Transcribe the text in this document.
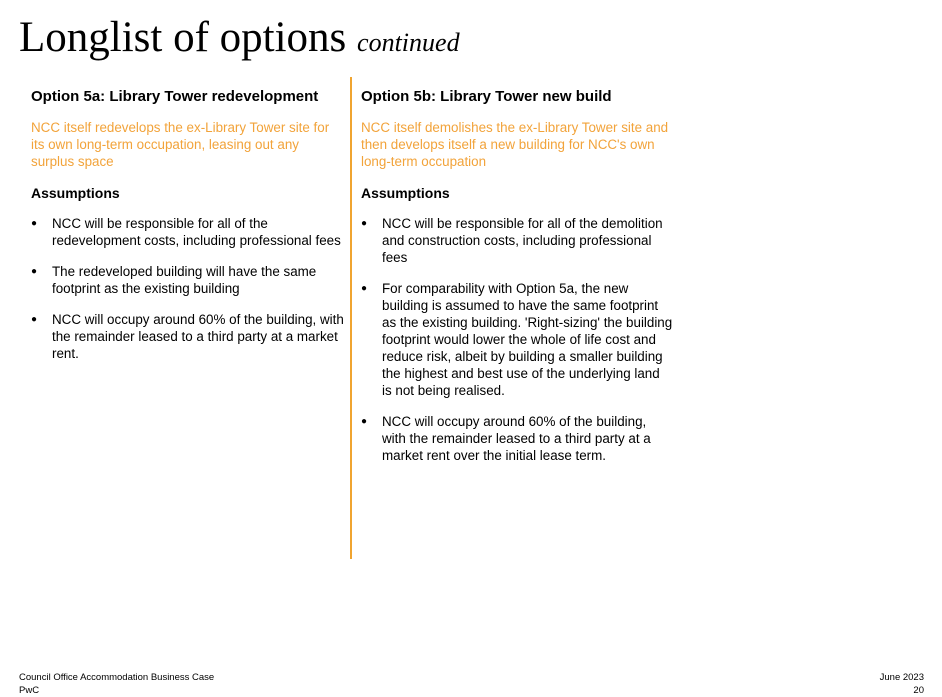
Longlist of options continued
Option 5a: Library Tower redevelopment

NCC itself redevelops the ex-Library Tower site for its own long-term occupation, leasing out any surplus space

Assumptions
● NCC will be responsible for all of the redevelopment costs, including professional fees
● The redeveloped building will have the same footprint as the existing building
● NCC will occupy around 60% of the building, with the remainder leased to a third party at a market rent.
Option 5b: Library Tower new build

NCC itself demolishes the ex-Library Tower site and then develops itself a new building for NCC's own long-term occupation

Assumptions
● NCC will be responsible for all of the demolition and construction costs, including professional fees
● For comparability with Option 5a, the new building is assumed to have the same footprint as the existing building. 'Right-sizing' the building footprint would lower the whole of life cost and reduce risk, albeit by building a smaller building the highest and best use of the underlying land is not being realised.
● NCC will occupy around 60% of the building, with the remainder leased to a third party at a market rent over the initial lease term.
Council Office Accommodation Business Case
PwC
June 2023
20
